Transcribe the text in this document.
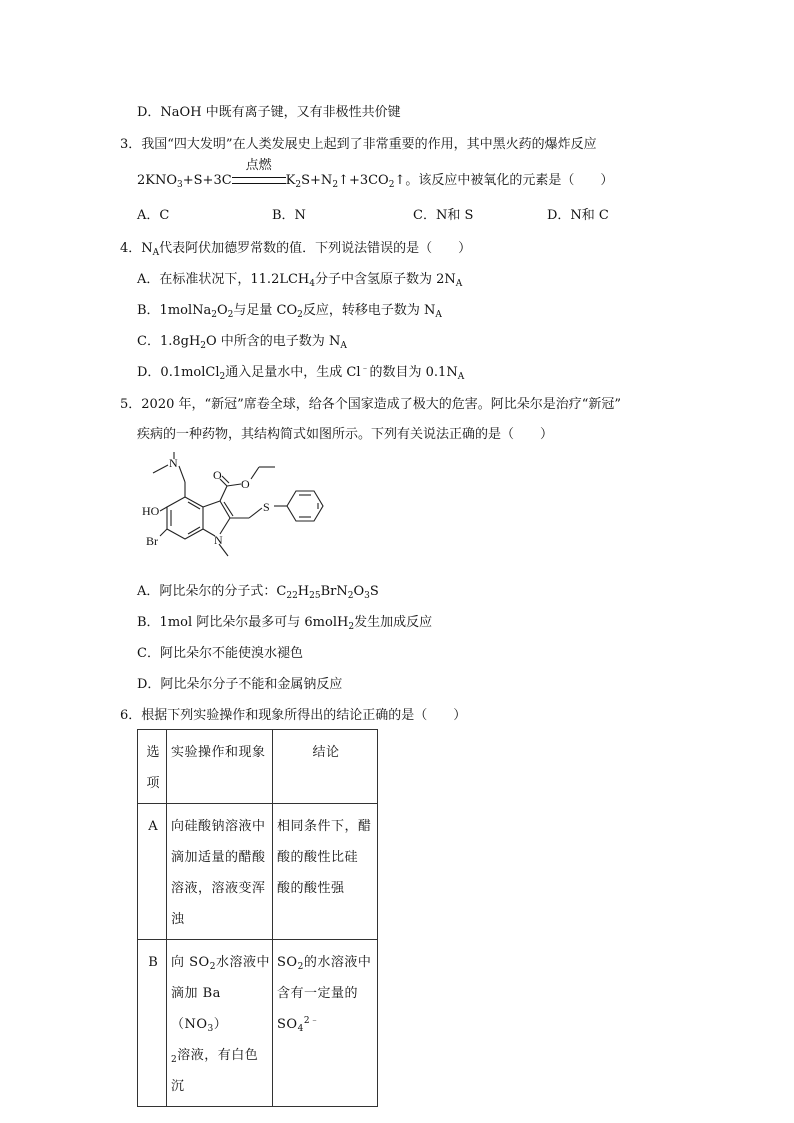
D．NaOH 中既有离子键，又有非极性共价键
3．我国“四大发明”在人类发展史上起到了非常重要的作用，其中黑火药的爆炸反应
$2KNO_3+S+3C$
点燃
$K_2S+N_2↑+3CO_2↑$。该反应中被氧化的元素是（　　）
A．C	B．N	C．N和 S	D．N和 C
4．$N_A$代表阿伏加德罗常数的值．下列说法错误的是（　　）
A．在标准状况下，$11.2LCH_4$分子中含氢原子数为 $2N_A$
B．$1molNa_2O_2$与足量 $CO_2$反应，转移电子数为 $N_A$
C．$1.8gH_2O$ 中所含的电子数为 $N_A$
D．0.1molCl$_2$通入足量水中，生成 Cl﹣的数目为 $0.1N_A$
5．2020 年，“新冠”席卷全球，给各个国家造成了极大的危害。阿比朵尔是治疗“新冠”
疾病的一种药物，其结构简式如图所示。下列有关说法正确的是（　　）
N
HO
Br
S
N
O
O
A．阿比朵尔的分子式：$C_{22}H_{25}BrN_2O_3S$
B．1mol 阿比朵尔最多可与 6molH$_2$发生加成反应
C．阿比朵尔不能使溴水褪色
D．阿比朵尔分子不能和金属钠反应
6．根据下列实验操作和现象所得出的结论正确的是（　　）
选
项	实验操作和现象	结论
A	向硅酸钠溶液中
滴加适量的醋酸
溶液，溶液变浑
浊	相同条件下，醋
酸的酸性比硅
酸的酸性强
B	向 $SO_2$水溶液中
滴加 $Ba(NO_3)$
$_2$溶液，有白色沉	$SO_2$的水溶液中
含有一定量的
$SO_4^{2﹣}$
